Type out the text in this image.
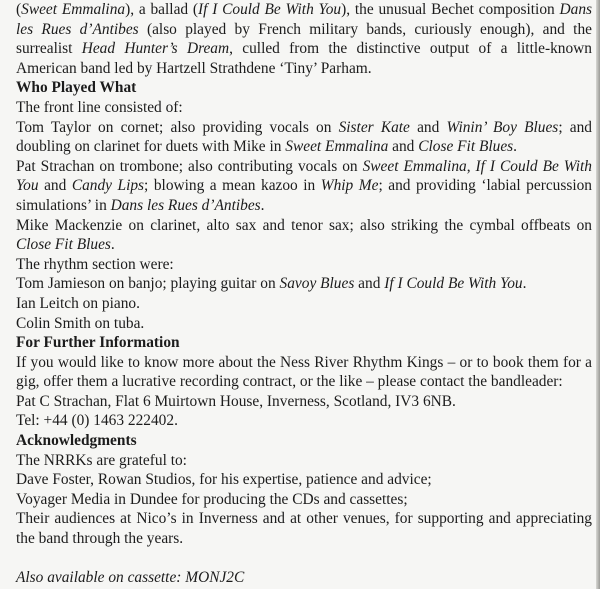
(Sweet Emmalina), a ballad (If I Could Be With You), the unusual Bechet composition Dans les Rues d’Antibes (also played by French military bands, curiously enough), and the surrealist Head Hunter’s Dream, culled from the distinctive output of a little-known American band led by Hartzell Strathdene ‘Tiny’ Parham.

Who Played What

The front line consisted of:

Tom Taylor on cornet; also providing vocals on Sister Kate and Winin’ Boy Blues; and doubling on clarinet for duets with Mike in Sweet Emmalina and Close Fit Blues.

Pat Strachan on trombone; also contributing vocals on Sweet Emmalina, If I Could Be With You and Candy Lips; blowing a mean kazoo in Whip Me; and providing ‘labial percussion simulations’ in Dans les Rues d’Antibes.

Mike Mackenzie on clarinet, alto sax and tenor sax; also striking the cymbal offbeats on Close Fit Blues.

The rhythm section were:

Tom Jamieson on banjo; playing guitar on Savoy Blues and If I Could Be With You.

Ian Leitch on piano.

Colin Smith on tuba.

For Further Information

If you would like to know more about the Ness River Rhythm Kings – or to book them for a gig, offer them a lucrative recording contract, or the like – please contact the bandleader:

Pat C Strachan, Flat 6 Muirtown House, Inverness, Scotland, IV3 6NB.

Tel: +44 (0) 1463 222402.

Acknowledgments

The NRRKs are grateful to:

Dave Foster, Rowan Studios, for his expertise, patience and advice;

Voyager Media in Dundee for producing the CDs and cassettes;

Their audiences at Nico’s in Inverness and at other venues, for supporting and appreciating the band through the years.

Also available on cassette: MONJ2C
